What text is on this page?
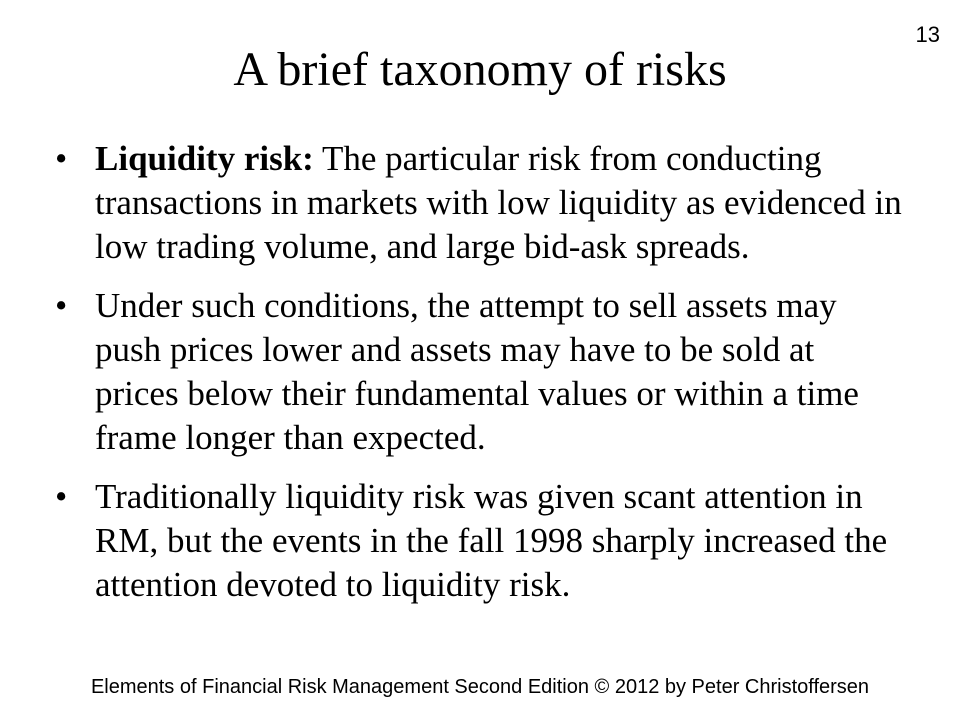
13
A brief taxonomy of risks
• Liquidity risk: The particular risk from conducting transactions in markets with low liquidity as evidenced in low trading volume, and large bid-ask spreads.
• Under such conditions, the attempt to sell assets may push prices lower and assets may have to be sold at prices below their fundamental values or within a time frame longer than expected.
• Traditionally liquidity risk was given scant attention in RM, but the events in the fall 1998 sharply increased the attention devoted to liquidity risk.
Elements of Financial Risk Management Second Edition © 2012 by Peter Christoffersen
